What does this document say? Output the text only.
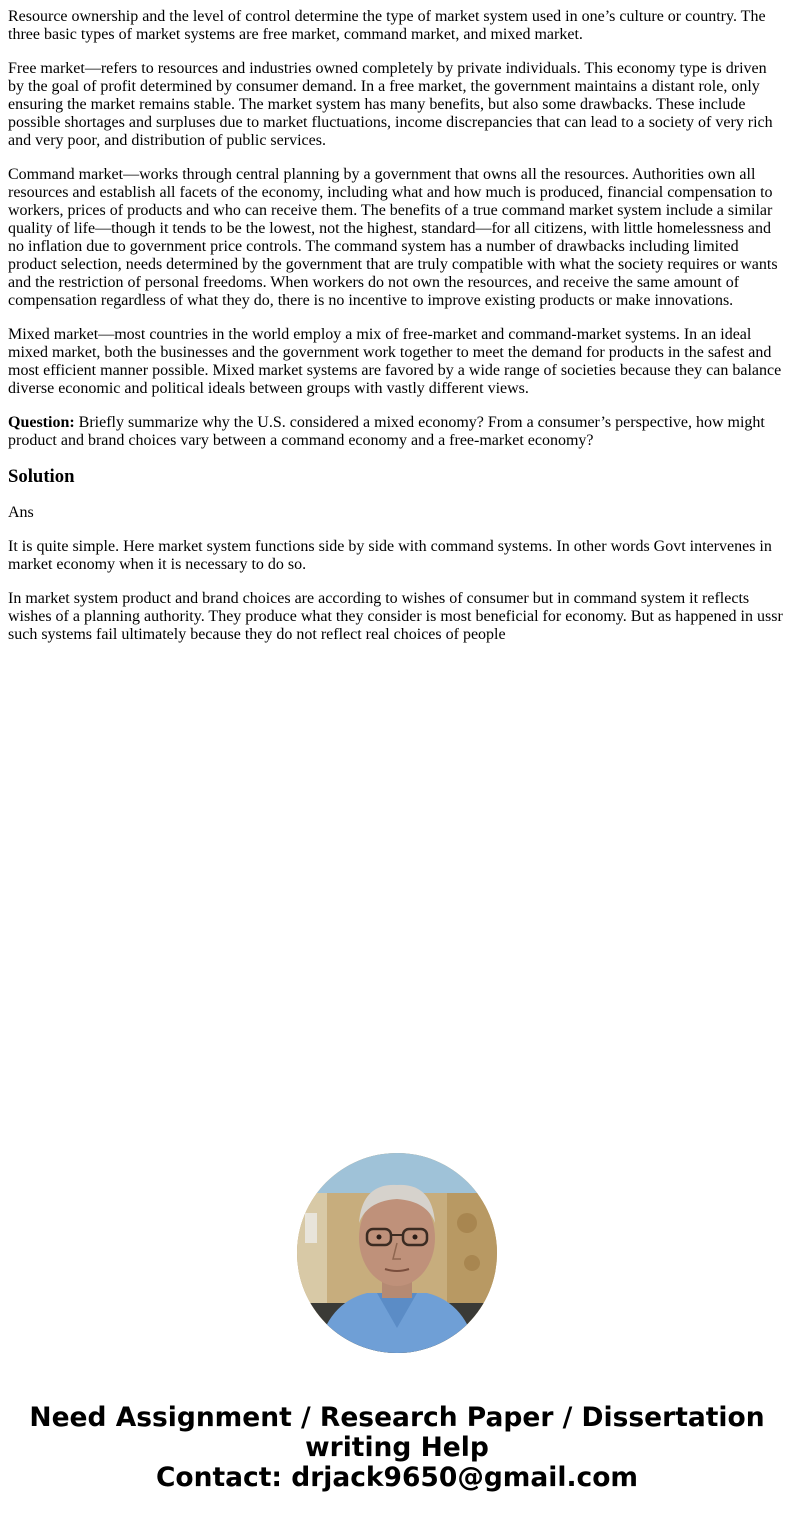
Resource ownership and the level of control determine the type of market system used in one’s culture or country. The three basic types of market systems are free market, command market, and mixed market.

Free market—refers to resources and industries owned completely by private individuals. This economy type is driven by the goal of profit determined by consumer demand. In a free market, the government maintains a distant role, only ensuring the market remains stable. The market system has many benefits, but also some drawbacks. These include possible shortages and surpluses due to market fluctuations, income discrepancies that can lead to a society of very rich and very poor, and distribution of public services.

Command market—works through central planning by a government that owns all the resources. Authorities own all resources and establish all facets of the economy, including what and how much is produced, financial compensation to workers, prices of products and who can receive them. The benefits of a true command market system include a similar quality of life—though it tends to be the lowest, not the highest, standard—for all citizens, with little homelessness and no inflation due to government price controls. The command system has a number of drawbacks including limited product selection, needs determined by the government that are truly compatible with what the society requires or wants and the restriction of personal freedoms. When workers do not own the resources, and receive the same amount of compensation regardless of what they do, there is no incentive to improve existing products or make innovations.

Mixed market—most countries in the world employ a mix of free-market and command-market systems. In an ideal mixed market, both the businesses and the government work together to meet the demand for products in the safest and most efficient manner possible. Mixed market systems are favored by a wide range of societies because they can balance diverse economic and political ideals between groups with vastly different views.

Question: Briefly summarize why the U.S. considered a mixed economy? From a consumer’s perspective, how might product and brand choices vary between a command economy and a free-market economy?

Solution

Ans

It is quite simple. Here market system functions side by side with command systems. In other words Govt intervenes in market economy when it is necessary to do so.

In market system product and brand choices are according to wishes of consumer but in command system it reflects wishes of a planning authority. They produce what they consider is most beneficial for economy. But as happened in ussr such systems fail ultimately because they do not reflect real choices of people

Need Assignment / Research Paper / Dissertation
writing Help
Contact: drjack9650@gmail.com
